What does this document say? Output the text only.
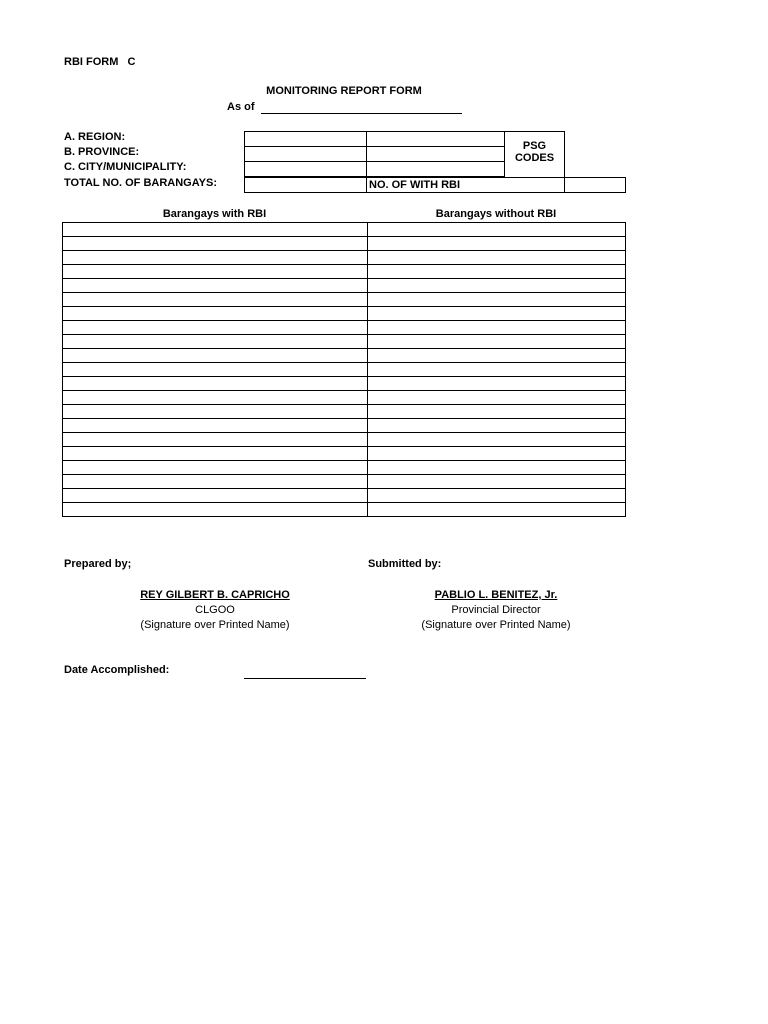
RBI FORM   C
MONITORING REPORT FORM
As of
A. REGION:
B. PROVINCE:
C. CITY/MUNICIPALITY:
TOTAL NO. OF BARANGAYS:
PSG
CODES
NO. OF WITH RBI
Barangays with RBI	Barangays without RBI

Prepared by;	Submitted by:
REY GILBERT B. CAPRICHO
CLGOO
(Signature over Printed Name)
PABLIO L. BENITEZ, Jr.
Provincial Director
(Signature over Printed Name)
Date Accomplished:
